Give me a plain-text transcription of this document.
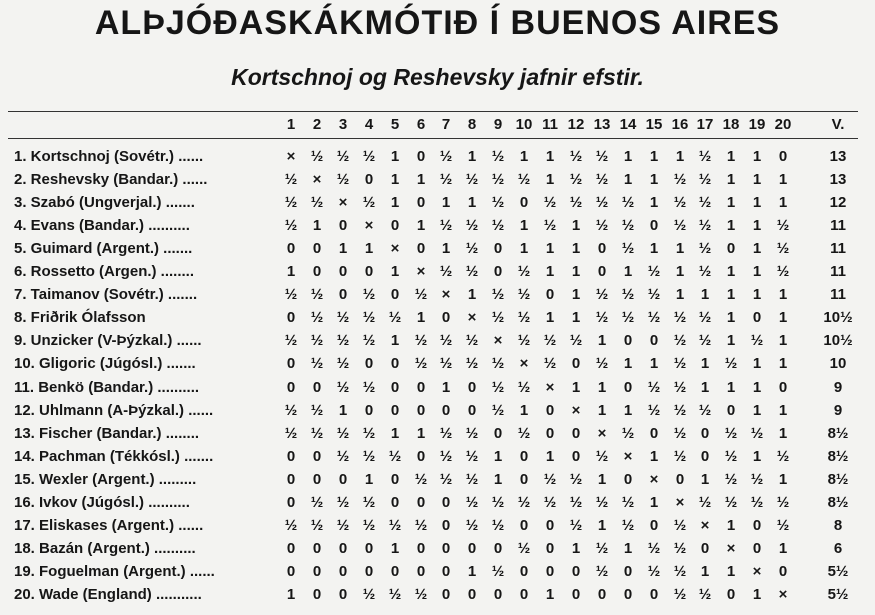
ALÞJÓÐASKÁKMÓTIÐ Í BUENOS AIRES
Kortschnoj og Reshevsky jafnir efstir.
1	2	3	4	5	6	7	8	9 10 11 12 13 14 15 16 17 18 19 20	V.
1. Kortschnoj (Sovétr.) ......	×	½ ½ ½	1	0 ½	1	½	1	1	½ ½	1	1	1 ½	1	1	0	13
2. Reshevsky (Bandar.) ......	½	×	½	0	1	1 ½ ½ ½ ½	1	½ ½	1	1	½ ½	1	1	1	13
3. Szabó (Ungverjal.) .......	½ ½	×	½	1	0	1	1	½	0	½ ½ ½ ½	1	½ ½	1	1	1	12
4. Evans (Bandar.) ..........	½	1	0	×	0	1 ½ ½ ½	1	½	1	½ ½	0	½ ½	1	1	½	11
5. Guimard (Argent.) .......	0	0	1	1	×	0	1	½	0	1	1	1	0	½	1	1 ½	0	1	½	11
6. Rossetto (Argen.) ........	1	0	0	0	1	× ½ ½	0	½	1	1	0	1	½	1 ½	1	1	½	11
7. Taimanov (Sovétr.) .......	½ ½	0	½	0	½ ×	1	½ ½	0	1	½ ½ ½	1	1	1	1	1	11
8. Friðrik Ólafsson	0	½ ½ ½ ½	1	0	×	½ ½	1	1	½ ½ ½ ½ ½	1	0	1	10½
9. Unzicker (V-Þýzkal.) ......	½ ½ ½ ½	1	½ ½ ½	×	½ ½ ½	1	0	0	½ ½	1	½	1	10½
10. Gligoric (Júgósl.) .......	0	½ ½	0	0	½ ½ ½ ½	×	½	0	½	1	1	½ 1	½	1	1	10
11. Benkö (Bandar.) ..........	0	0	½ ½	0	0	1	0	½ ½	×	1	1	0	½ ½ 1	1	1	0	9
12. Uhlmann (A-Þýzkal.) ......	½ ½	1	0	0	0	0	0	½	1	0	×	1	1	½ ½ ½	0	1	1	9
13. Fischer (Bandar.) ........	½ ½ ½ ½	1	1 ½ ½	0	½	0	0	×	½	0	½ 0	½ ½	1	8½
14. Pachman (Tékkósl.) .......	0	0	½ ½ ½	0 ½ ½	1	0	1	0	½	×	1	½ 0	½	1	½	8½
15. Wexler (Argent.) .........	0	0	0	1	0	½ ½ ½	1	0	½ ½	1	0	×	0	1	½ ½	1	8½
16. Ivkov (Júgósl.) ..........	0	½ ½ ½	0	0	0	½ ½ ½ ½ ½ ½ ½	1	× ½ ½ ½ ½	8½
17. Eliskases (Argent.) ......	½ ½ ½ ½ ½ ½ 0	½ ½	0	0	½	1	½	0	½ ×	1	0	½	8
18. Bazán (Argent.) ..........	0	0	0	0	1	0	0	0	0	½	0	1	½	1	½ ½ 0	×	0	1	6
19. Foguelman (Argent.) ......	0	0	0	0	0	0	0	1	½	0	0	0	½	0	½ ½ 1	1	×	0	5½
20. Wade (England) ...........	1	0	0	½ ½ ½ 0	0	0	0	1	0	0	0	0	½ ½	0	1	×	5½
